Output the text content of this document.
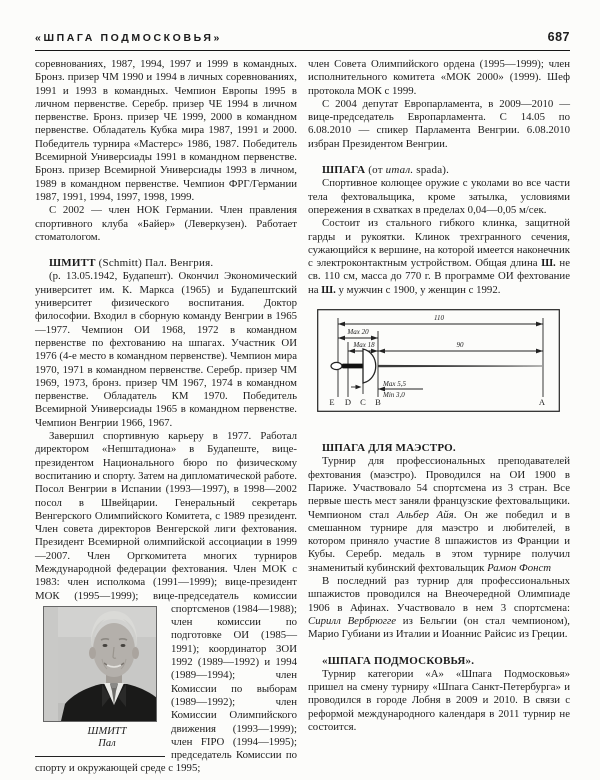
«ШПАГА ПОДМОСКОВЬЯ»	687

соревнованиях, 1987, 1994, 1997 и 1999 в командных. Бронз. призер ЧМ 1990 и 1994 в личных соревнованиях, 1991 и 1993 в командных. Чемпион Европы 1995 в личном первенстве. Серебр. призер ЧЕ 1994 в личном первенстве. Бронз. призер ЧЕ 1999, 2000 в командном первенстве. Обладатель Кубка мира 1987, 1991 и 2000. Победитель турнира «Мастерс» 1986, 1987. Победитель Всемирной Универсиады 1991 в командном первенстве. Бронз. призер Всемирной Универсиады 1993 в личном, 1989 в командном первенстве. Чемпион ФРГ/Германии 1987, 1991, 1994, 1997, 1998, 1999.

С 2002 — член НОК Германии. Член правления спортивного клуба «Байер» (Леверкузен). Работает стоматологом.

ШМИТТ (Schmitt) Пал. Венгрия.

(р. 13.05.1942, Будапешт). Окончил Экономический университет им. К. Маркса (1965) и Будапештский университет физического воспитания. Доктор философии. Входил в сборную команду Венгрии в 1965—1977. Чемпион ОИ 1968, 1972 в командном первенстве по фехтованию на шпагах. Участник ОИ 1976 (4-е место в командном первенстве). Чемпион мира 1970, 1971 в командном первенстве. Серебр. призер ЧМ 1969, 1973, бронз. призер ЧМ 1967, 1974 в командном первенстве. Обладатель КМ 1970. Победитель Всемирной Универсиады 1965 в командном первенстве. Чемпион Венгрии 1966, 1967.

Завершил спортивную карьеру в 1977. Работал директором «Непштадиона» в Будапеште, вице-президентом Национального бюро по физическому воспитанию и спорту. Затем на дипломатической работе. Посол Венгрии в Испании (1993—1997), в 1998—2002 посол в Швейцарии. Генеральный секретарь Венгерского Олимпийского Комитета, с 1989 президент. Член совета директоров Венгерской лиги фехтования. Президент Всемирной олимпийской ассоциации в 1999—2007. Член Оргкомитета многих турниров Международной федерации фехтования. Член МОК с 1983: член исполкома (1991—1999); вице-президент МОК (1995—1999); вице-председатель комиссии
ШМИТТ
Пал
спортсменов (1984—1988); член комиссии по подготовке ОИ (1985—1991); координатор ЗОИ 1992 (1989—1992) и 1994 (1989—1994); член Комиссии по выборам (1989—1992); член Комиссии Олимпийского движения (1993—1999); член FIPO (1994—1995); председатель Комиссии по спорту и окружающей среде с 1995;

член Совета Олимпийского ордена (1995—1999); член исполнительного комитета «МОК 2000» (1999). Шеф протокола МОК с 1999.

С 2004 депутат Европарламента, в 2009—2010 — вице-председатель Европарламента. С 14.05 по 6.08.2010 — спикер Парламента Венгрии. 6.08.2010 избран Президентом Венгрии.

ШПАГА (от итал. spada).

Спортивное колющее оружие с уколами во все части тела фехтовальщика, кроме затылка, условиями опережения в схватках в пределах 0,04—0,05 м/сек.

Состоит из стального гибкого клинка, защитной гарды и рукоятки. Клинок трехгранного сечения, сужающийся к вершине, на которой имеется наконечник с электроконтактным устройством. Общая длина Ш. не св. 110 см, масса до 770 г. В программе ОИ фехтование на Ш. у мужчин с 1900, у женщин с 1992.

110
Max 20
Max 18	90
Max 5,5
Min 3,0
E D C B	A

ШПАГА ДЛЯ МАЭСТРО.

Турнир для профессиональных преподавателей фехтования (маэстро). Проводился на ОИ 1900 в Париже. Участвовало 54 спортсмена из 3 стран. Все первые шесть мест заняли французские фехтовальщики. Чемпионом стал Альбер Айя. Он же победил и в смешанном турнире для маэстро и любителей, в котором приняло участие 8 шпажистов из Франции и Кубы. Серебр. медаль в этом турнире получил знаменитый кубинский фехтовальщик Рамон Фонст

В последний раз турнир для профессиональных шпажистов проводился на Внеочередной Олимпиаде 1906 в Афинах. Участвовало в нем 3 спортсмена: Сирилл Вербрюгге из Бельгии (он стал чемпионом), Марио Губиани из Италии и Иоаннис Райсис из Греции.

«ШПАГА ПОДМОСКОВЬЯ».

Турнир категории «А» «Шпага Подмосковья» пришел на смену турниру «Шпага Санкт-Петербурга» и проводился в городе Лобня в 2009 и 2010. В связи с реформой международного календаря в 2011 турнир не состоится.
